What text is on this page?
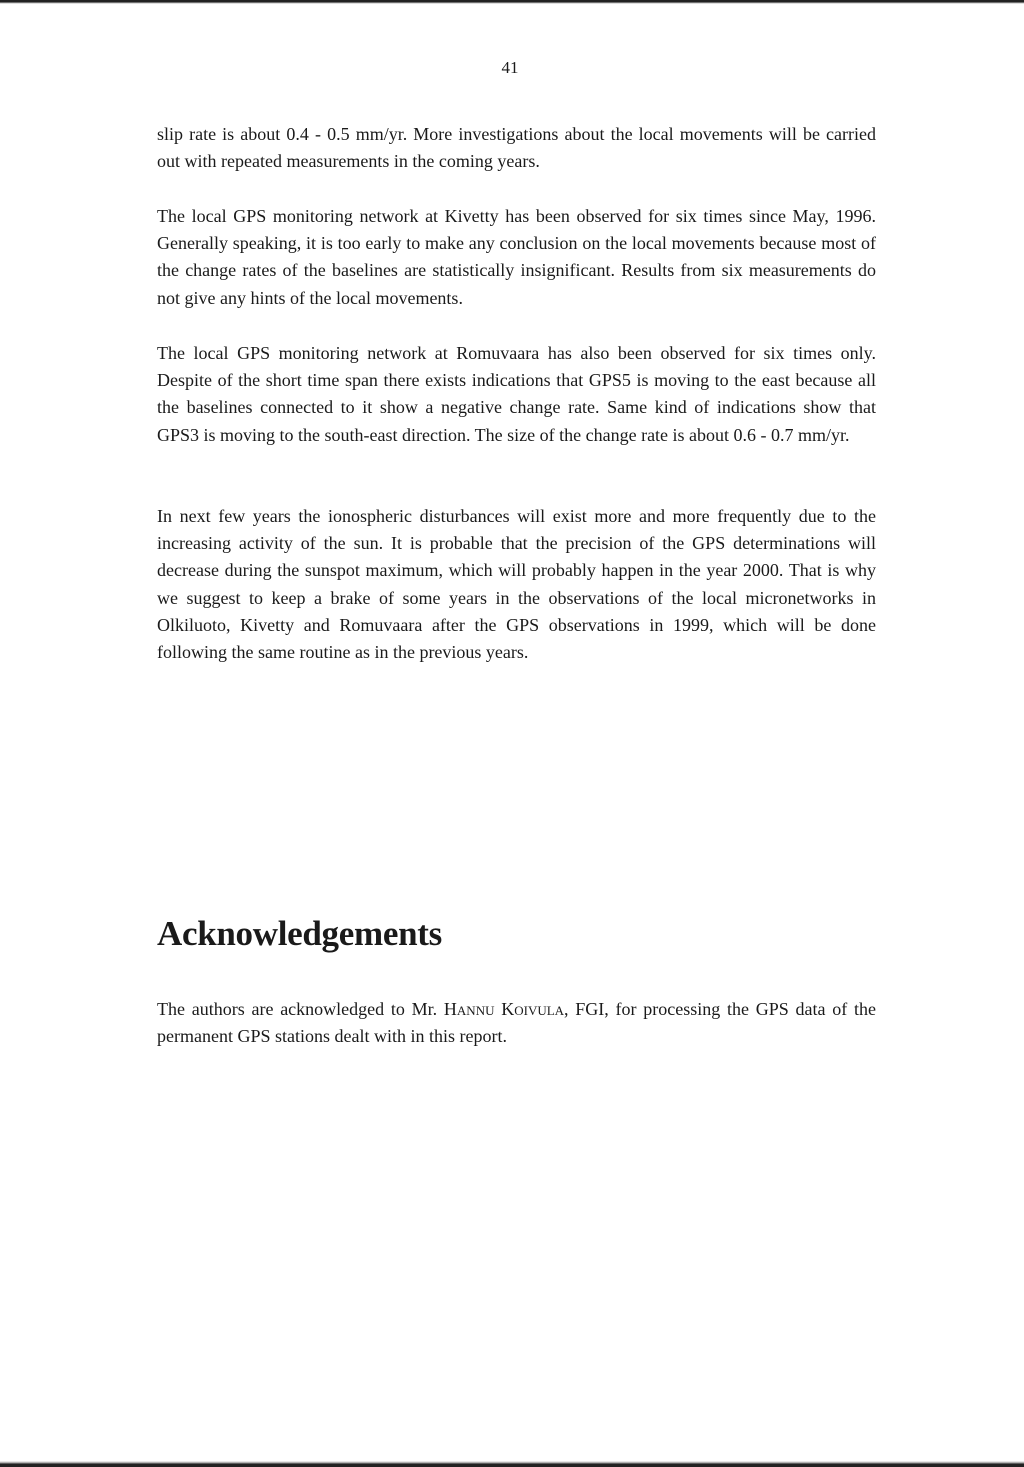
41

slip rate is about 0.4 - 0.5 mm/yr. More investigations about the local movements will be carried out with repeated measurements in the coming years.

The local GPS monitoring network at Kivetty has been observed for six times since May, 1996. Generally speaking, it is too early to make any conclusion on the local movements because most of the change rates of the baselines are statistically insignificant. Results from six measurements do not give any hints of the local movements.

The local GPS monitoring network at Romuvaara has also been observed for six times only. Despite of the short time span there exists indications that GPS5 is moving to the east because all the baselines connected to it show a negative change rate. Same kind of indications show that GPS3 is moving to the south-east direction. The size of the change rate is about 0.6 - 0.7 mm/yr.

In next few years the ionospheric disturbances will exist more and more frequently due to the increasing activity of the sun. It is probable that the precision of the GPS determinations will decrease during the sunspot maximum, which will probably happen in the year 2000. That is why we suggest to keep a brake of some years in the observations of the local micronetworks in Olkiluoto, Kivetty and Romuvaara after the GPS observations in 1999, which will be done following the same routine as in the previous years.

Acknowledgements

The authors are acknowledged to Mr. Hannu Koivula, FGI, for processing the GPS data of the permanent GPS stations dealt with in this report.
